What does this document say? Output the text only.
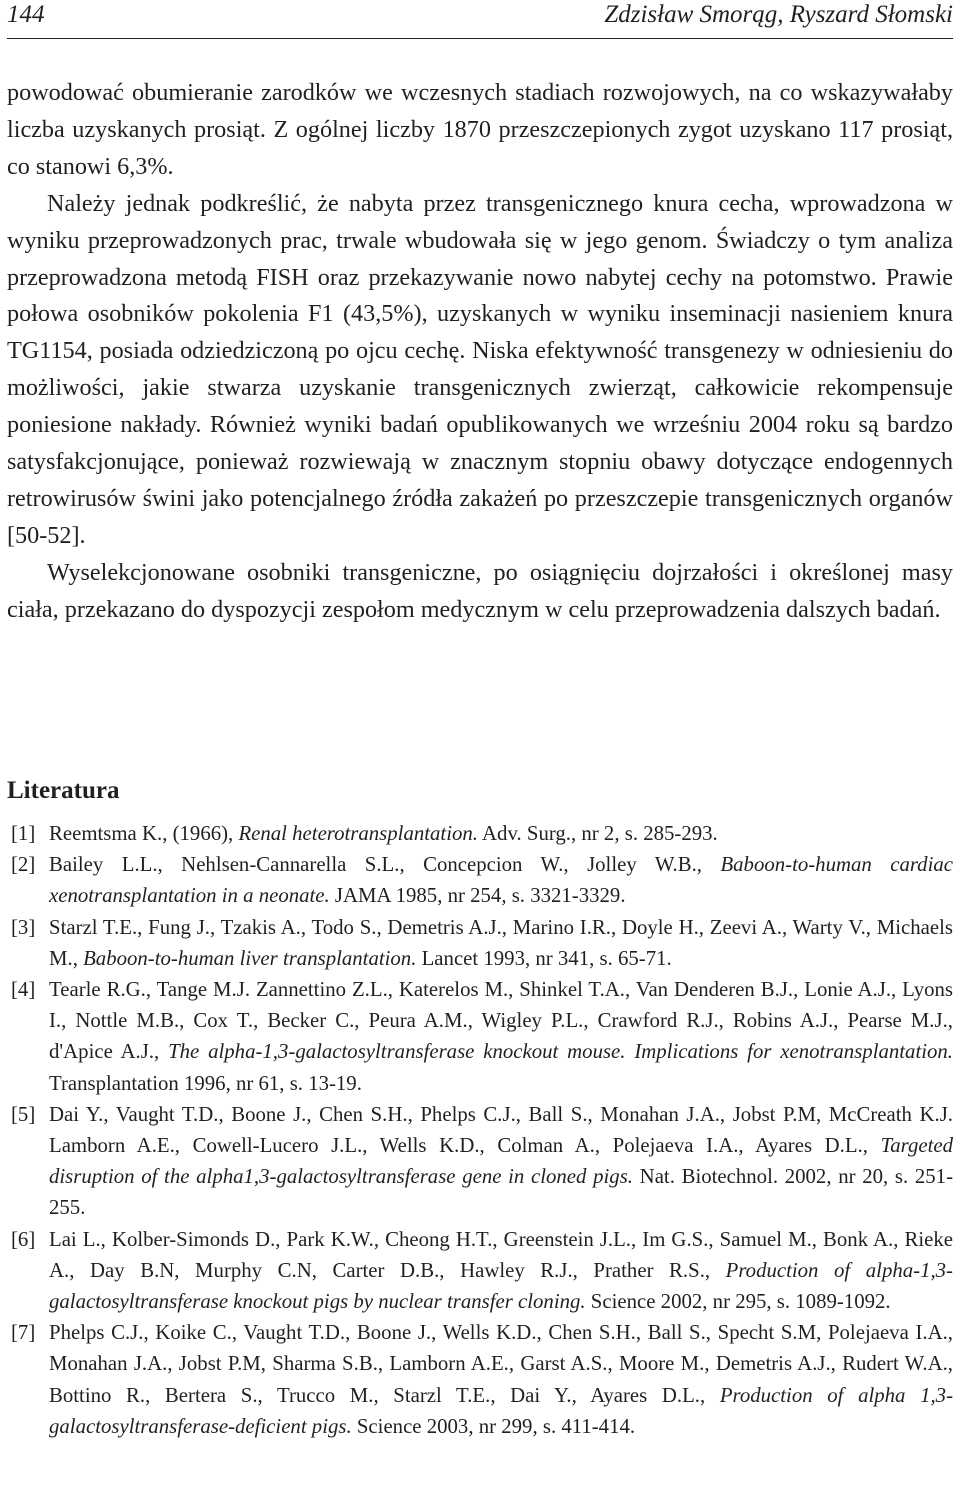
144	Zdzisław Smorąg, Ryszard Słomski

powodować obumieranie zarodków we wczesnych stadiach rozwojowych, na co wskazywałaby liczba uzyskanych prosiąt. Z ogólnej liczby 1870 przeszczepionych zygot uzyskano 117 prosiąt, co stanowi 6,3%.

Należy jednak podkreślić, że nabyta przez transgenicznego knura cecha, wprowadzona w wyniku przeprowadzonych prac, trwale wbudowała się w jego genom. Świadczy o tym analiza przeprowadzona metodą FISH oraz przekazywanie nowo nabytej cechy na potomstwo. Prawie połowa osobników pokolenia F1 (43,5%), uzyskanych w wyniku inseminacji nasieniem knura TG1154, posiada odziedziczoną po ojcu cechę. Niska efektywność transgenezy w odniesieniu do możliwości, jakie stwarza uzyskanie transgenicznych zwierząt, całkowicie rekompensuje poniesione nakłady. Również wyniki badań opublikowanych we wrześniu 2004 roku są bardzo satysfakcjonujące, ponieważ rozwiewają w znacznym stopniu obawy dotyczące endogennych retrowirusów świni jako potencjalnego źródła zakażeń po przeszczepie transgenicznych organów [50-52].

Wyselekcjonowane osobniki transgeniczne, po osiągnięciu dojrzałości i określonej masy ciała, przekazano do dyspozycji zespołom medycznym w celu przeprowadzenia dalszych badań.

Literatura
[1] Reemtsma K., (1966), Renal heterotransplantation. Adv. Surg., nr 2, s. 285-293.
[2] Bailey L.L., Nehlsen-Cannarella S.L., Concepcion W., Jolley W.B., Baboon-to-human cardiac xenotransplantation in a neonate. JAMA 1985, nr 254, s. 3321-3329.
[3] Starzl T.E., Fung J., Tzakis A., Todo S., Demetris A.J., Marino I.R., Doyle H., Zeevi A., Warty V., Michaels M., Baboon-to-human liver transplantation. Lancet 1993, nr 341, s. 65-71.
[4] Tearle R.G., Tange M.J. Zannettino Z.L., Katerelos M., Shinkel T.A., Van Denderen B.J., Lonie A.J., Lyons I., Nottle M.B., Cox T., Becker C., Peura A.M., Wigley P.L., Crawford R.J., Robins A.J., Pearse M.J., d'Apice A.J., The alpha-1,3-galactosyltransferase knockout mouse. Implications for xenotransplantation. Transplantation 1996, nr 61, s. 13-19.
[5] Dai Y., Vaught T.D., Boone J., Chen S.H., Phelps C.J., Ball S., Monahan J.A., Jobst P.M, McCreath K.J. Lamborn A.E., Cowell-Lucero J.L., Wells K.D., Colman A., Polejaeva I.A., Ayares D.L., Targeted disruption of the alpha1,3-galactosyltransferase gene in cloned pigs. Nat. Biotechnol. 2002, nr 20, s. 251-255.
[6] Lai L., Kolber-Simonds D., Park K.W., Cheong H.T., Greenstein J.L., Im G.S., Samuel M., Bonk A., Rieke A., Day B.N, Murphy C.N, Carter D.B., Hawley R.J., Prather R.S., Production of alpha-1,3-galactosyltransferase knockout pigs by nuclear transfer cloning. Science 2002, nr 295, s. 1089-1092.
[7] Phelps C.J., Koike C., Vaught T.D., Boone J., Wells K.D., Chen S.H., Ball S., Specht S.M, Polejaeva I.A., Monahan J.A., Jobst P.M, Sharma S.B., Lamborn A.E., Garst A.S., Moore M., Demetris A.J., Rudert W.A., Bottino R., Bertera S., Trucco M., Starzl T.E., Dai Y., Ayares D.L., Production of alpha 1,3-galactosyltransferase-deficient pigs. Science 2003, nr 299, s. 411-414.
